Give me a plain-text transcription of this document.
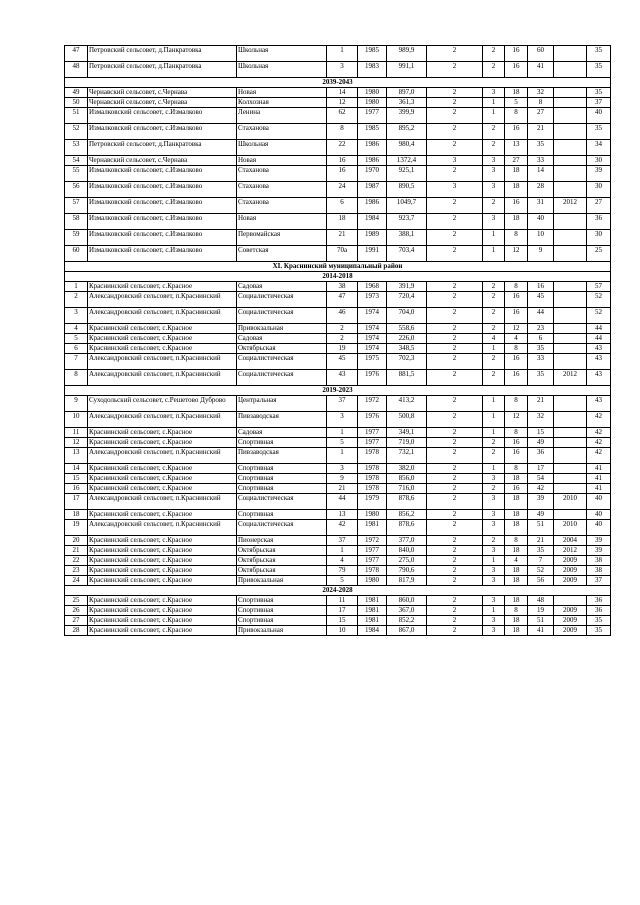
47	Петровский сельсовет, д.Панкратовка	Школьная	1	1985	989,9	2	2	16	60		35
48	Петровский сельсовет, д.Панкратовка	Школьная	3	1983	991,1	2	2	16	41		35
2039-2043											
49	Чернавский сельсовет, с.Чернава	Новая	14	1980	897,0	2	3	18	32		35
50	Чернавский сельсовет, с.Чернава	Колхозная	12	1980	361,3	2	1	5	8		37
51	Измалковский сельсовет, с.Измалково	Ленина	62	1977	399,9	2	1	8	27		40
52	Измалковский сельсовет, с.Измалково	Стаханова	8	1985	895,2	2	2	16	21		35
53	Петровский сельсовет, д.Панкратовка	Школьная	22	1986	980,4	2	2	13	35		34
54	Чернавский сельсовет, с.Чернава	Новая	16	1986	1372,4	3	3	27	33		30
55	Измалковский сельсовет, с.Измалково	Стаханова	16	1970	925,1	2	3	18	14		39
56	Измалковский сельсовет, с.Измалково	Стаханова	24	1987	890,5	3	3	18	28		30
57	Измалковский сельсовет, с.Измалково	Стаханова	6	1986	1049,7	2	2	16	31	2012	27
58	Измалковский сельсовет, с.Измалково	Новая	18	1984	923,7	2	3	18	40		36
59	Измалковский сельсовет, с.Измалково	Первомайская	21	1989	388,1	2	1	8	10		30
60	Измалковский сельсовет, с.Измалково	Советская	70а	1991	703,4	2	1	12	9		25
XI. Краснинский муниципальный район											
2014-2018											
1	Краснинский сельсовет, с.Красное	Садовая	38	1968	391,9	2	2	8	16		57
2	Александровский сельсовет, п.Краснинский	Социалистическая	47	1973	720,4	2	2	16	45		52
3	Александровский сельсовет, п.Краснинский	Социалистическая	46	1974	704,0	2	2	16	44		52
4	Краснинский сельсовет, с.Красное	Привокзальная	2	1974	558,6	2	2	12	23		44
5	Краснинский сельсовет, с.Красное	Садовая	2	1974	226,0	2	4	4	6		44
6	Краснинский сельсовет, с.Красное	Октябрьская	19	1974	348,5	2	1	8	35		43
7	Александровский сельсовет, п.Краснинский	Социалистическая	45	1975	702,3	2	2	16	33		43
8	Александровский сельсовет, п.Краснинский	Социалистическая	43	1976	881,5	2	2	16	35	2012	43
2019-2023											
9	Суходольский сельсовет, с.Решетово Дуброво	Центральная	37	1972	413,2	2	1	8	21		43
10	Александровский сельсовет, п.Краснинский	Пивзаводская	3	1976	500,8	2	1	12	32		42
11	Краснинский сельсовет, с.Красное	Садовая	1	1977	349,1	2	1	8	15		42
12	Краснинский сельсовет, с.Красное	Спортивная	5	1977	719,0	2	2	16	49		42
13	Александровский сельсовет, п.Краснинский	Пивзаводская	1	1978	732,1	2	2	16	36		42
14	Краснинский сельсовет, с.Красное	Спортивная	3	1978	382,0	2	1	8	17		41
15	Краснинский сельсовет, с.Красное	Спортивная	9	1978	856,0	2	3	18	54		41
16	Краснинский сельсовет, с.Красное	Спортивная	21	1978	716,0	2	2	16	42		41
17	Александровский сельсовет, п.Краснинский	Социалистическая	44	1979	878,6	2	3	18	39	2010	40
18	Краснинский сельсовет, с.Красное	Спортивная	13	1980	856,2	2	3	18	49		40
19	Александровский сельсовет, п.Краснинский	Социалистическая	42	1981	878,6	2	3	18	51	2010	40
20	Краснинский сельсовет, с.Красное	Пионерская	37	1972	377,0	2	2	8	21	2004	39
21	Краснинский сельсовет, с.Красное	Октябрьская	1	1977	840,0	2	3	18	35	2012	39
22	Краснинский сельсовет, с.Красное	Октябрьская	4	1977	275,0	2	1	4	7	2009	38
23	Краснинский сельсовет, с.Красное	Октябрьская	79	1978	790,6	2	3	18	52	2009	38
24	Краснинский сельсовет, с.Красное	Привокзальная	5	1980	817,9	2	3	18	56	2009	37
2024-2028											
25	Краснинский сельсовет, с.Красное	Спортивная	11	1981	860,0	2	3	18	48		36
26	Краснинский сельсовет, с.Красное	Спортивная	17	1981	367,0	2	1	8	19	2009	36
27	Краснинский сельсовет, с.Красное	Спортивная	15	1981	852,2	2	3	18	51	2009	35
28	Краснинский сельсовет, с.Красное	Привокзальная	10	1984	867,0	2	3	18	41	2009	35
